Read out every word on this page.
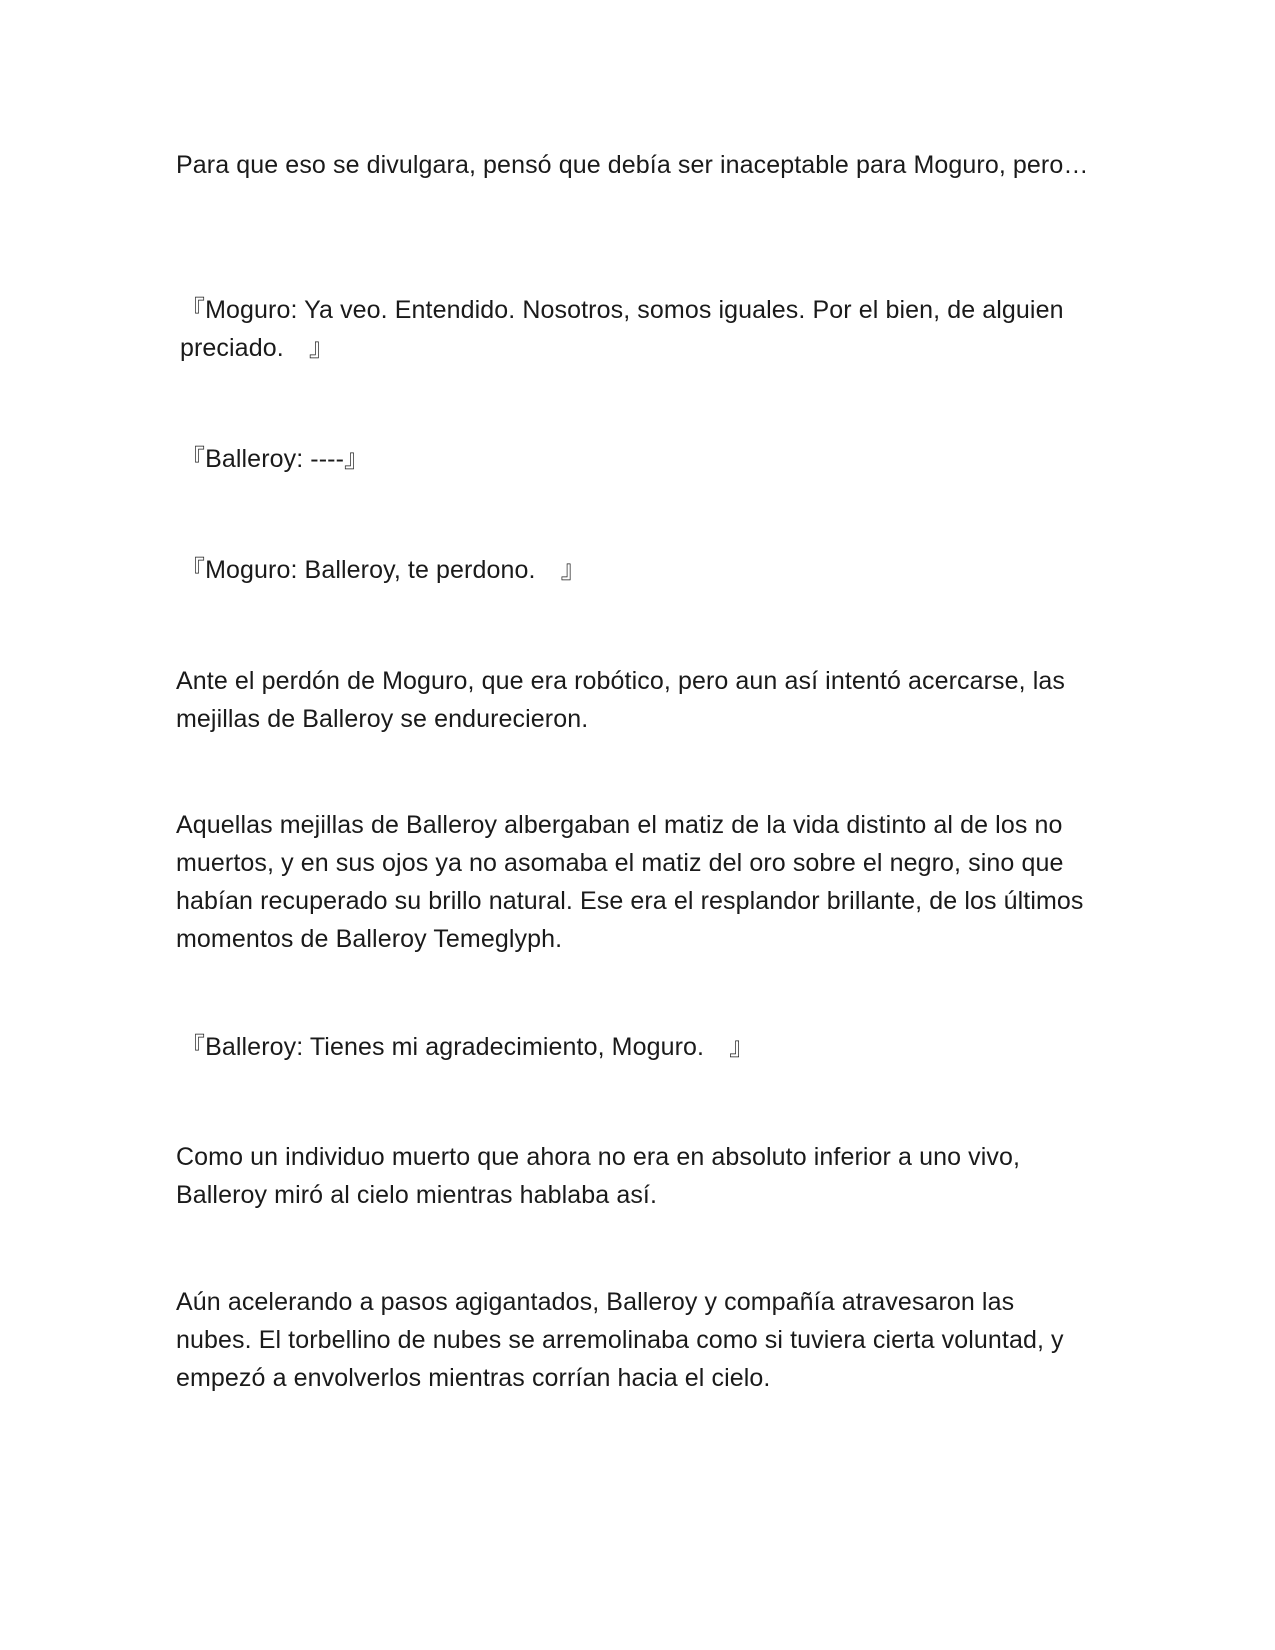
Para que eso se divulgara, pensó que debía ser inaceptable para Moguro, pero…

『Moguro: Ya veo. Entendido. Nosotros, somos iguales. Por el bien, de alguien preciado.　』

『Balleroy: ----』

『Moguro: Balleroy, te perdono.　』

Ante el perdón de Moguro, que era robótico, pero aun así intentó acercarse, las mejillas de Balleroy se endurecieron.

Aquellas mejillas de Balleroy albergaban el matiz de la vida distinto al de los no muertos, y en sus ojos ya no asomaba el matiz del oro sobre el negro, sino que habían recuperado su brillo natural. Ese era el resplandor brillante, de los últimos momentos de Balleroy Temeglyph.

『Balleroy: Tienes mi agradecimiento, Moguro.　』

Como un individuo muerto que ahora no era en absoluto inferior a uno vivo, Balleroy miró al cielo mientras hablaba así.

Aún acelerando a pasos agigantados, Balleroy y compañía atravesaron las nubes. El torbellino de nubes se arremolinaba como si tuviera cierta voluntad, y empezó a envolverlos mientras corrían hacia el cielo.
